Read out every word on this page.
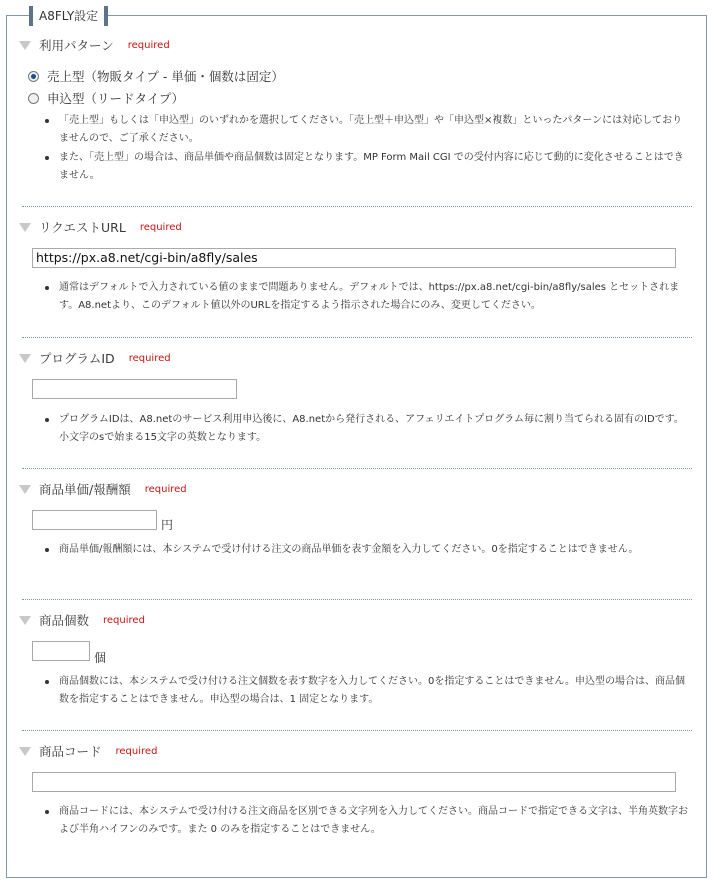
A8FLY設定
利用パターン required
売上型（物販タイプ - 単価・個数は固定）
申込型（リードタイプ）
「売上型」もしくは「申込型」のいずれかを選択してください。「売上型＋申込型」や「申込型×複数」といったパターンには対応しておりませんので、ご了承ください。
また、「売上型」の場合は、商品単価や商品個数は固定となります。MP Form Mail CGI での受付内容に応じて動的に変化させることはできません。
リクエストURL required
https://px.a8.net/cgi-bin/a8fly/sales
通常はデフォルトで入力されている値のままで問題ありません。デフォルトでは、https://px.a8.net/cgi-bin/a8fly/sales とセットされます。A8.netより、このデフォルト値以外のURLを指定するよう指示された場合にのみ、変更してください。
プログラムID required
プログラムIDは、A8.netのサービス利用申込後に、A8.netから発行される、アフェリエイトプログラム毎に割り当てられる固有のIDです。小文字のsで始まる15文字の英数となります。
商品単価/報酬額 required
円
商品単価/報酬額には、本システムで受け付ける注文の商品単価を表す金額を入力してください。0を指定することはできません。
商品個数 required
個
商品個数には、本システムで受け付ける注文個数を表す数字を入力してください。0を指定することはできません。申込型の場合は、商品個数を指定することはできません。申込型の場合は、1 固定となります。
商品コード required
商品コードには、本システムで受け付ける注文商品を区別できる文字列を入力してください。商品コードで指定できる文字は、半角英数字および半角ハイフンのみです。また 0 のみを指定することはできません。
